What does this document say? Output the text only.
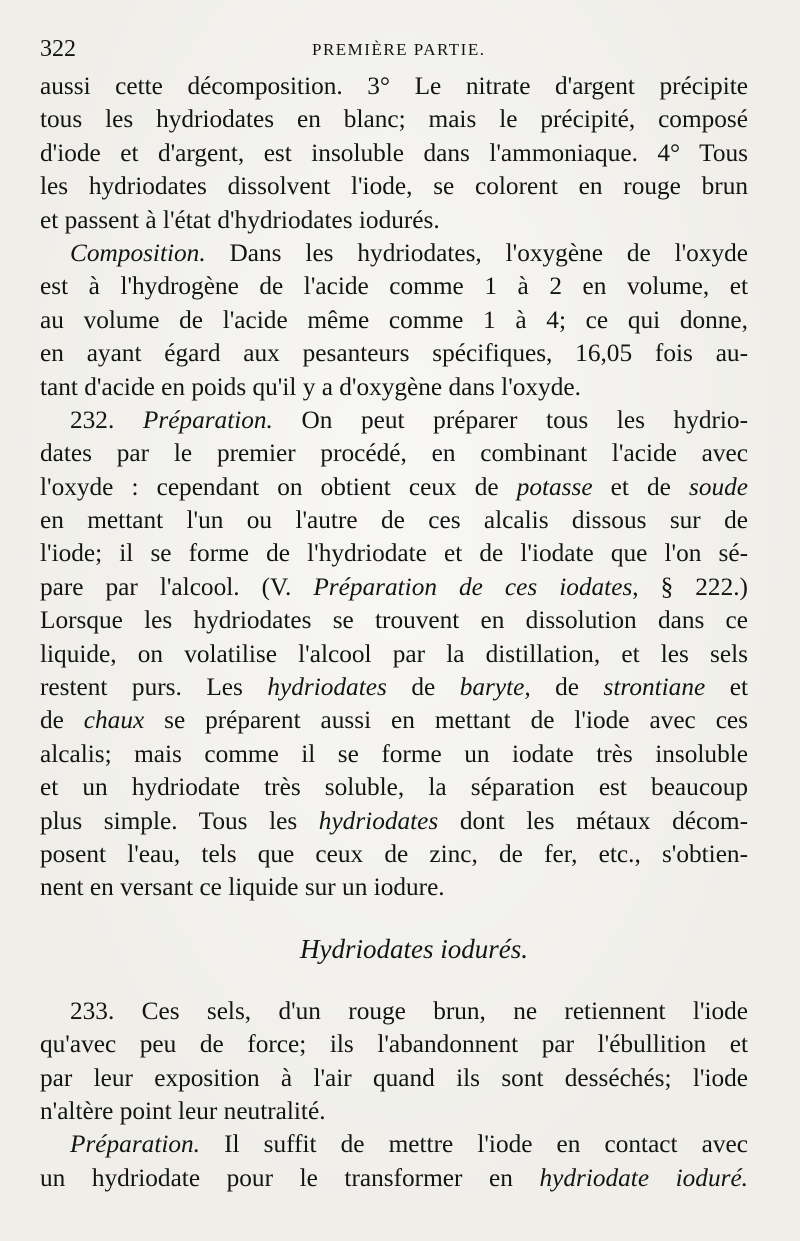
322	PREMIÈRE PARTIE.
aussi cette décomposition. 3° Le nitrate d'argent précipite
tous les hydriodates en blanc; mais le précipité, composé
d'iode et d'argent, est insoluble dans l'ammoniaque. 4° Tous
les hydriodates dissolvent l'iode, se colorent en rouge brun
et passent à l'état d'hydriodates iodurés.
Composition. Dans les hydriodates, l'oxygène de l'oxyde
est à l'hydrogène de l'acide comme 1 à 2 en volume, et
au volume de l'acide même comme 1 à 4; ce qui donne,
en ayant égard aux pesanteurs spécifiques, 16,05 fois au-
tant d'acide en poids qu'il y a d'oxygène dans l'oxyde.
232. Préparation. On peut préparer tous les hydrio-
dates par le premier procédé, en combinant l'acide avec
l'oxyde : cependant on obtient ceux de potasse et de soude
en mettant l'un ou l'autre de ces alcalis dissous sur de
l'iode; il se forme de l'hydriodate et de l'iodate que l'on sé-
pare par l'alcool. (V. Préparation de ces iodates, § 222.)
Lorsque les hydriodates se trouvent en dissolution dans ce
liquide, on volatilise l'alcool par la distillation, et les sels
restent purs. Les hydriodates de baryte, de strontiane et
de chaux se préparent aussi en mettant de l'iode avec ces
alcalis; mais comme il se forme un iodate très insoluble
et un hydriodate très soluble, la séparation est beaucoup
plus simple. Tous les hydriodates dont les métaux décom-
posent l'eau, tels que ceux de zinc, de fer, etc., s'obtien-
nent en versant ce liquide sur un iodure.
Hydriodates iodurés.
233. Ces sels, d'un rouge brun, ne retiennent l'iode
qu'avec peu de force; ils l'abandonnent par l'ébullition et
par leur exposition à l'air quand ils sont desséchés; l'iode
n'altère point leur neutralité.
Préparation. Il suffit de mettre l'iode en contact avec
un hydriodate pour le transformer en hydriodate ioduré.
